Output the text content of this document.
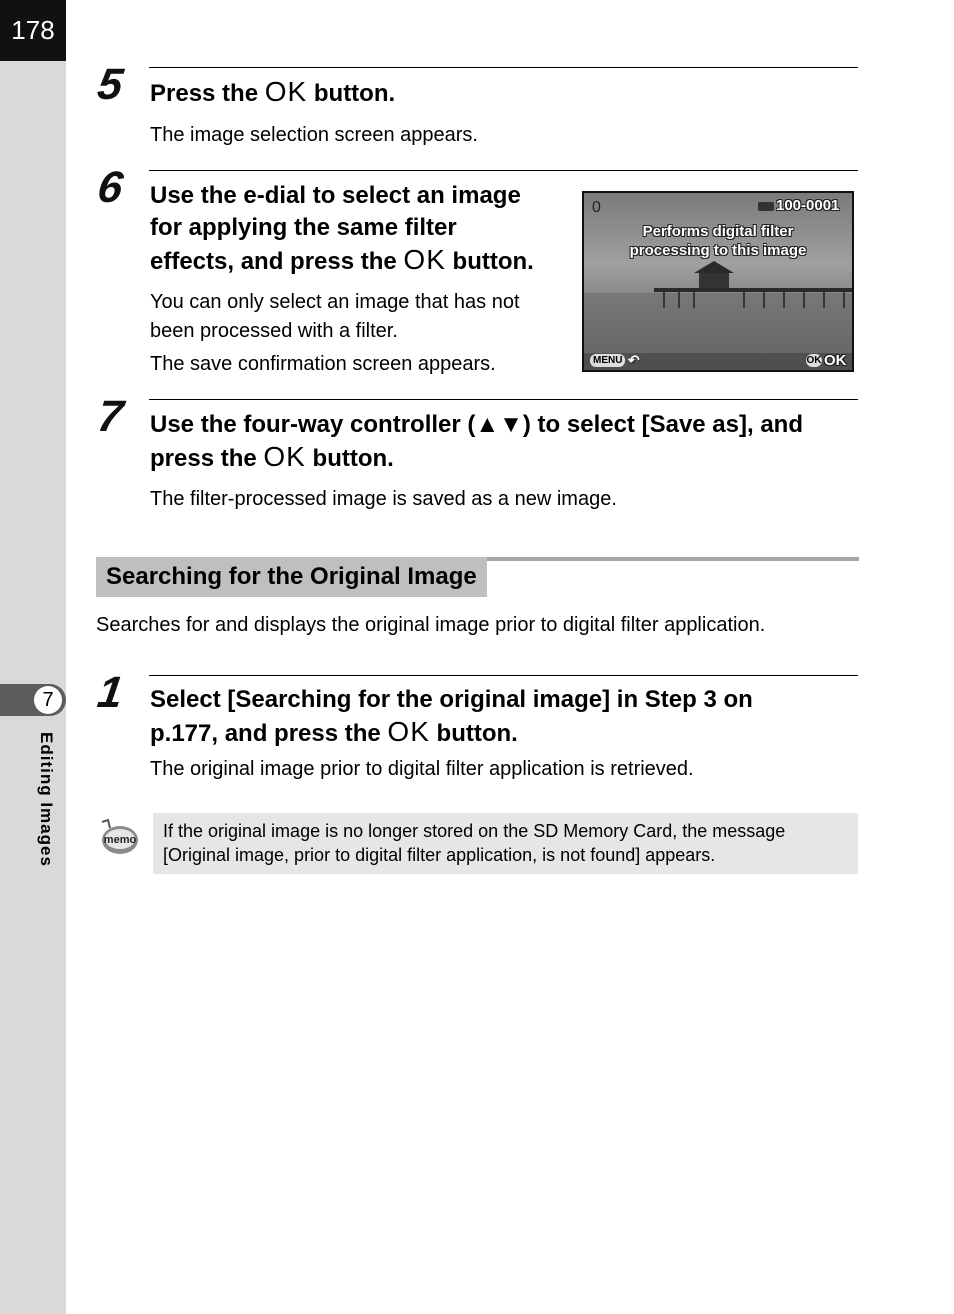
178
7
Editing Images
5 Press the OK button.
The image selection screen appears.
6 Use the e-dial to select an image
for applying the same filter
effects, and press the OK button.
You can only select an image that has not
been processed with a filter.
The save confirmation screen appears.
0	100-0001
Performs digital filter
processing to this image
MENU ↶	OK OK
7 Use the four-way controller (▲▼) to select [Save as], and
press the OK button.
The filter-processed image is saved as a new image.
Searching for the Original Image
Searches for and displays the original image prior to digital filter application.
1 Select [Searching for the original image] in Step 3 on
p.177, and press the OK button.
The original image prior to digital filter application is retrieved.
memo If the original image is no longer stored on the SD Memory Card, the message
[Original image, prior to digital filter application, is not found] appears.
